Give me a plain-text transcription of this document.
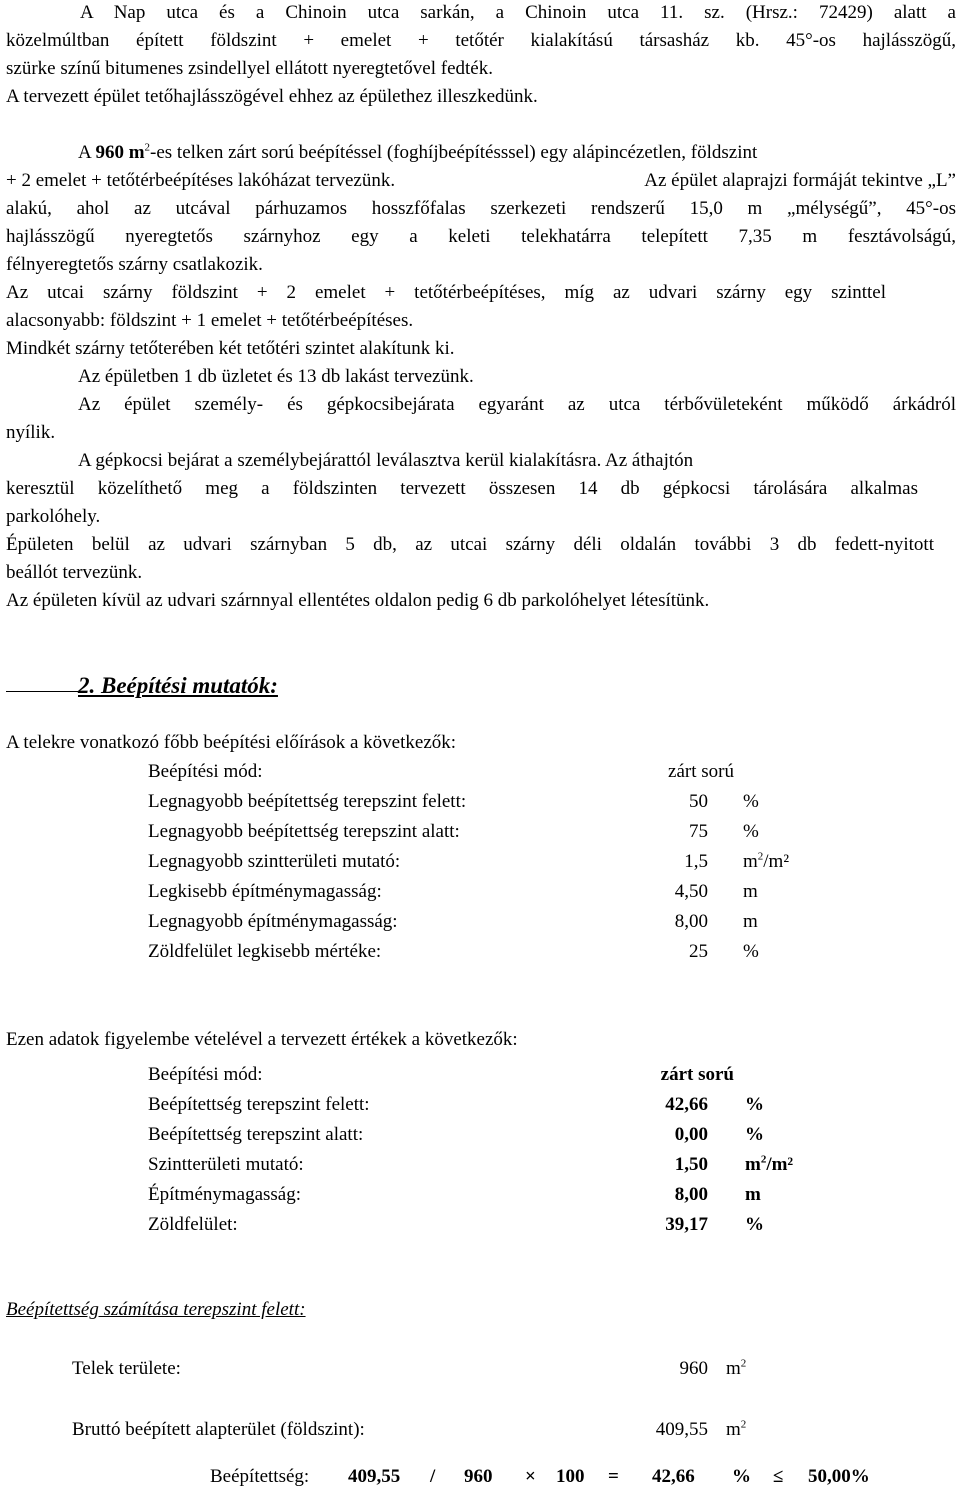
A Nap utca és a Chinoin utca sarkán, a Chinoin utca 11. sz. (Hrsz.: 72429) alatt a
közelmúltban épített földszint + emelet + tetőtér kialakítású társasház kb. 45°-os hajlásszögű,
szürke színű bitumenes zsindellyel ellátott nyeregtetővel fedték.
A tervezett épület tetőhajlásszögével ehhez az épülethez illeszkedünk.
A 960 $m^2-es$ telken zárt sorú beépítéssel (foghíjbeépítésssel) egy alápincézetlen, földszint
+ 2 emelet + tetőtérbeépítéses lakóházat tervezünk.	Az épület alaprajzi formáját tekintve „L”
alakú, ahol az utcával párhuzamos hosszfőfalas szerkezeti rendszerű 15,0 m „mélységű”, 45°-os
hajlásszögű nyeregtetős szárnyhoz egy a keleti telekhatárra telepített 7,35 m fesztávolságú,
félnyeregtetős szárny csatlakozik.
Az utcai szárny földszint + 2 emelet + tetőtérbeépítéses, míg az udvari szárny egy szinttel
alacsonyabb: földszint + 1 emelet + tetőtérbeépítéses.
Mindkét szárny tetőterében két tetőtéri szintet alakítunk ki.
Az épületben 1 db üzletet és 13 db lakást tervezünk.
Az épület személy- és gépkocsibejárata egyaránt az utca térbővületeként működő árkádról
nyílik.
A gépkocsi bejárat a személybejárattól leválasztva kerül kialakításra. Az áthajtón
keresztül közelíthető meg a földszinten tervezett összesen 14 db gépkocsi tárolására alkalmas
parkolóhely.
Épületen belül az udvari szárnyban 5 db, az utcai szárny déli oldalán további 3 db fedett-nyitott
beállót tervezünk.
Az épületen kívül az udvari szárnnyal ellentétes oldalon pedig 6 db parkolóhelyet létesítünk.
2. Beépítési mutatók:
A telekre vonatkozó főbb beépítési előírások a következők:
Beépítési mód:	zárt sorú
Legnagyobb beépítettség terepszint felett:	50 %
Legnagyobb beépítettség terepszint alatt:	75 %
Legnagyobb szintterületi mutató:	1,5 $m^2/m^2$
Legkisebb építménymagasság:	4,50 m
Legnagyobb építménymagasság:	8,00 m
Zöldfelület legkisebb mértéke:	25 %
Ezen adatok figyelembe vételével a tervezett értékek a következők:
Beépítési mód:	zárt sorú
Beépítettség terepszint felett:	42,66 %
Beépítettség terepszint alatt:	0,00 %
Szintterületi mutató:	1,50 $m^2/m^2$
Építménymagasság:	8,00 m
Zöldfelület:	39,17 %
Beépítettség számítása terepszint felett:
Telek területe:	960 $m^2$
Bruttó beépített alapterület (földszint):	409,55 $m^2$
Beépítettség: 409,55 / 960 × 100 = 42,66 % ≤ 50,00%
